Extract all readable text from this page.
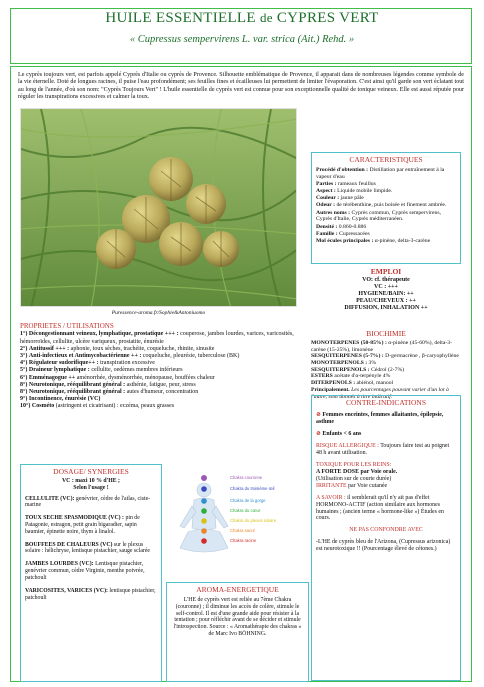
HUILE ESSENTIELLE de CYPRES VERT
« Cupressus sempervirens L. var. strica (Ait.) Rehd. »
Le cyprès toujours vert, est parfois appelé Cyprès d'Italie ou cyprès de Provence. Silhouette emblématique de Provence, il apparait dans de nombreuses légendes comme symbole de la vie éternelle. Doté de longues racines, il puise l'eau profondément; ses feuilles fines et écailleuses lui permettent de limiter l'évaporation. C'est ainsi qu'il garde son vert éclatant tout au long de l'année, d'où son nom: "Cyprès Toujours Vert" ! L'huile essentielle de cyprès vert est connue pour son exceptionnelle qualité de tonique veineux. Elle est aussi réputée pour réguler les transpirations excessives et calmer la toux.
Puressence-aroma.fr/Sophie&Antoniuomo
CARACTERISTIQUES

Procédé d'obtention : Distillation par entraînement à la vapeur d'eau

Parties : rameaux feuillus

Aspect : Liquide mobile limpide.

Couleur : jaune pâle

Odeur : de térébenthine, puis boisée et finement ambrée.

Autres noms : Cyprès commun, Cyprès sempervirens, Cyprès d'Italie, Cyprès méditerranéen.

Densité : 0.860-0.886

Famille : Cupressacées

Mol écules principales : α-pinène, delta-3-carène

EMPLOI
VO: cf. thérapeute
VC : +++
HYGIENE/BAIN: ++
PEAU/CHEVEUX : ++
DIFFUSION, INHALATION ++
BIOCHIMIE
MONOTERPENES (50-85%) : α-pinène (45-60%), delta-3-carène (15-25%), limonène
SESQUITERPENES (5-7%) : D-germacrène , β-caryophyllène
MONOTERPENOLS : 3%
SESQUITERPENOLS : Cédrol (2-7%)
ESTERS acétate d'α-terpényle 4%
DITERPENOLS : abiénol, manool
Principalement. Les pourcentages pouvant varier d'un lot à l'autre, sont donnés à titre indicatif.
CONTRE-INDICATIONS

⊘ Femmes enceintes, femmes allaitantes, épilepsie, asthme

⊘ Enfants < 6 ans

RISQUE ALLERGIQUE : Toujours faire test au poignet 48 h avant utilisation.

TOXIQUE POUR LES REINS:
A FORTE DOSE par Voie orale.
(Utilisation sur de courte durée)
IRRITANTE par Voie cutanée

A SAVOIR : il semblerait qu'il n'y ait pas d'effet HORMONO-ACTIF (action similaire aux hormones humaines ; (ancien terme « hormone-like ») Études en cours.

NE PAS CONFONDRE AVEC

-L'HE de cyprès bleu de l'Arizona, (Cupressus arizonica) est neurotoxique !! (Pourcentage élevé de cétones.)

PROPRIETES / UTILISATIONS
1°) Décongestionnant veineux, lymphatique, prostatique +++ : couperose, jambes lourdes, varices, varicosités, hémorroïdes, cellulite, ulcère variqueux, prostatite, énurésie
2°) Antitussif +++ : aphonie, toux sèches, trachéite, coqueluche, rhinite, sinusite
3°) Anti-infectieux et Antimycobactérienne ++ : coqueluche, pleurésie, tuberculose (BK)
4°) Régulateur sudorifique++ : transpiration excessive
5°) Draineur lymphatique : cellulite, oedèmes membres inférieurs
6°) Emménagogue ++ aménorrhée, dysménorrhée, ménopause, bouffées chaleur
8°) Neurotonique, rééquilibrant général : asthénie, fatigue, peur, stress
8°) Neurotonique, rééquilibrant général : autes d'humeur, concentration
9°) Incontinence, énurésie (VC)
10°) Cosméto (astringent et cicatrisant) : eczéma, peaux grasses
DOSAGE/ SYNERGIES
VC : maxi 10 % d'HE ;
Selon l'usage !

CELLULITE (VC): genévrier, cèdre de l'atlas, ciste-marine

TOUX SECHE SPASMODIQUE (VC) : pin de Patagonie, estragon, petit grain bigaradier, sapin baumier, épinette noire, thym à linalol.

BOUFFEES DE CHALEURS (VC) sur le plexus solaire : hélichryse, lentisque pistachier, sauge sclarée

JAMBES LOURDES (VC): Lentisque pistachier, genévrier commun, cèdre Virginie, menthe poivrée, patchouli

VARICOSITES, VARICES (VC): lentisque pistachier, patchouli

Chakra couronne
Chakra du troisième œil
Chakra de la gorge
Chakra du cœur
Chakra du plexus solaire
Chakra sacré
Chakra racine
AROMA-ENERGETIQUE
L'HE de cyprès vert est reliée au 7ème Chakra (couronne) ; il diminue les accès de colère, stimule le self-control. Il est d'une grande aide pour résister à la tentation ; pour réfléchir avant de se décider et stimule l'introspection. Source : « Aromathérapie des chakras » de Marc Ivo BÖHNING.
